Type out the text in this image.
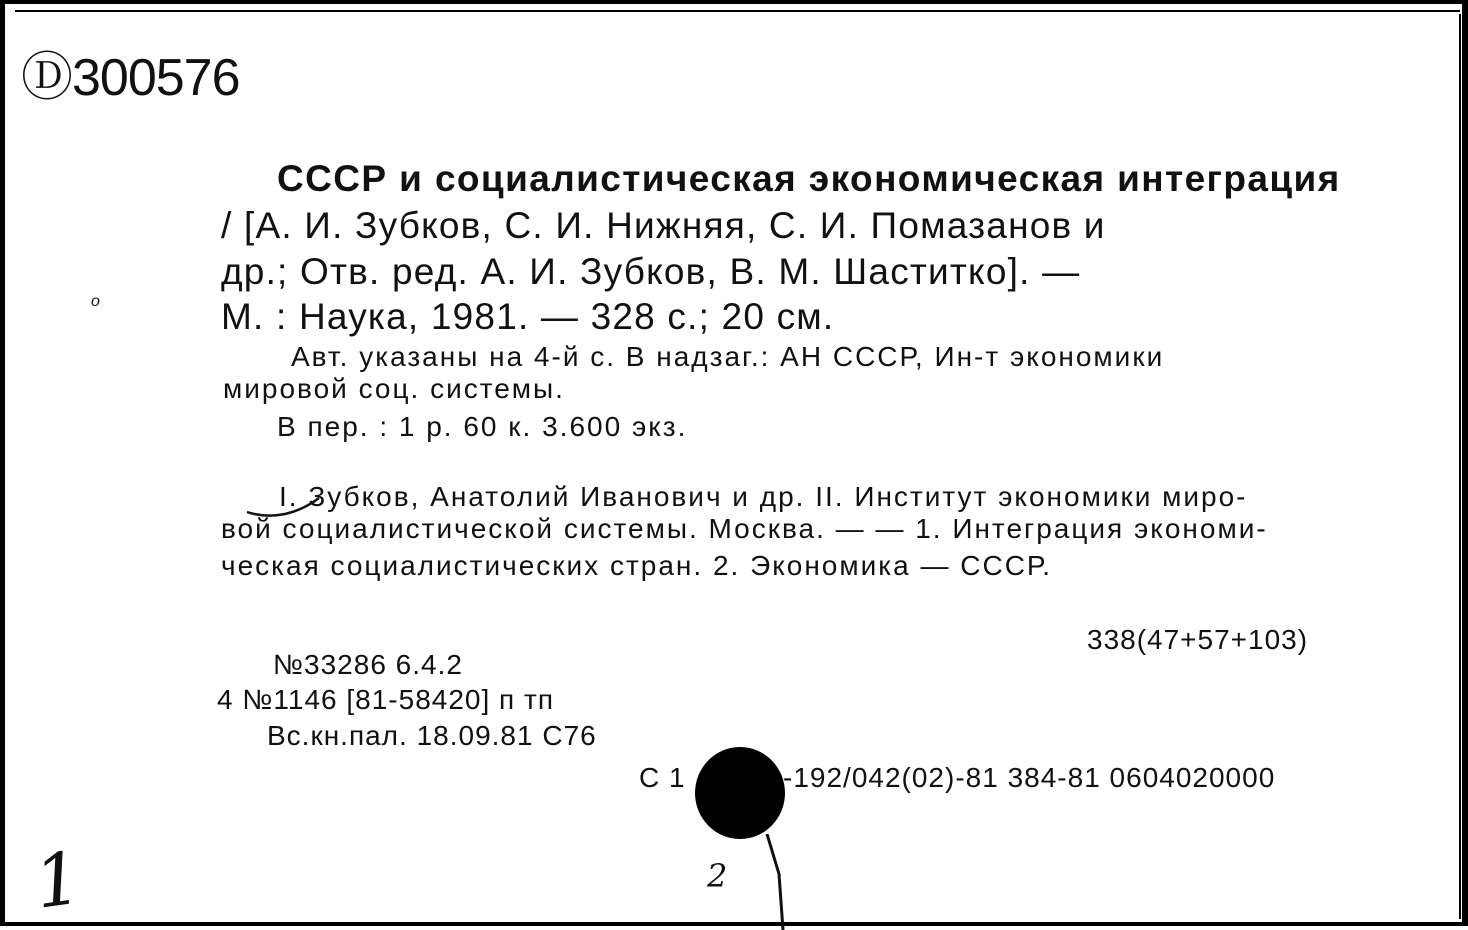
Ⓓ300576
СССР и социалистическая экономическая интеграция
/ [А. И. Зубков, С. И. Нижняя, С. И. Помазанов и
др.; Отв. ред. А. И. Зубков, В. М. Шаститко]. —
М. : Наука, 1981. — 328 с.; 20 см.
Авт. указаны на 4-й с. В надзаг.: АН СССР, Ин-т экономики
мировой соц. системы.
В пер. : 1 р. 60 к. 3.600 экз.
I. Зубков, Анатолий Иванович и др. II. Институт экономики миро-
вой социалистической системы. Москва. — — 1. Интеграция экономи-
ческая социалистических стран. 2. Экономика — СССР.
338(47+57+103)
№33286 6.4.2
4 №1146 [81-58420] п тп
Вс.кн.пал. 18.09.81 С76
С 1	-192/042(02)-81 384-81 0604020000
o
1	2
